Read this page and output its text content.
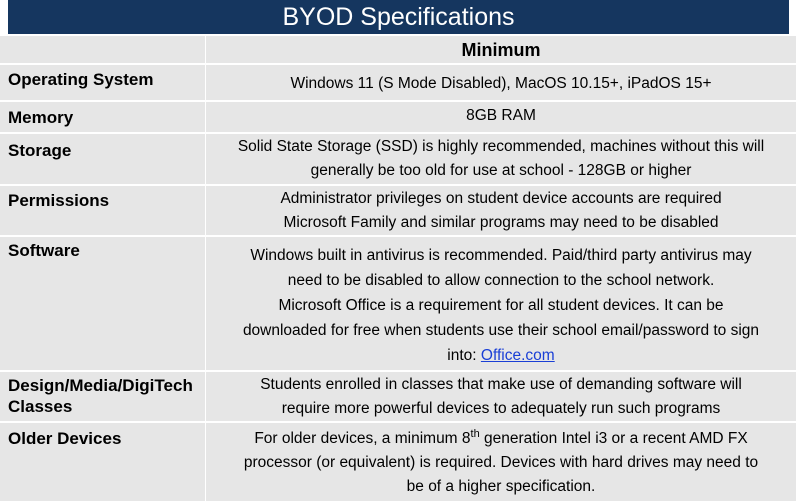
BYOD Specifications
	Minimum
Operating System	Windows 11 (S Mode Disabled), MacOS 10.15+, iPadOS 15+
Memory	8GB RAM
Storage	Solid State Storage (SSD) is highly recommended, machines without this will
generally be too old for use at school - 128GB or higher

Permissions	Administrator privileges on student device accounts are required
Microsoft Family and similar programs may need to be disabled

Software	Windows built in antivirus is recommended. Paid/third party antivirus may
need to be disabled to allow connection to the school network.
Microsoft Office is a requirement for all student devices. It can be
downloaded for free when students use their school email/password to sign
into: Office.com

Design/Media/DigiTech
Classes	Students enrolled in classes that make use of demanding software will
require more powerful devices to adequately run such programs

Older Devices	For older devices, a minimum 8th generation Intel i3 or a recent AMD FX
processor (or equivalent) is required. Devices with hard drives may need to
be of a higher specification.
